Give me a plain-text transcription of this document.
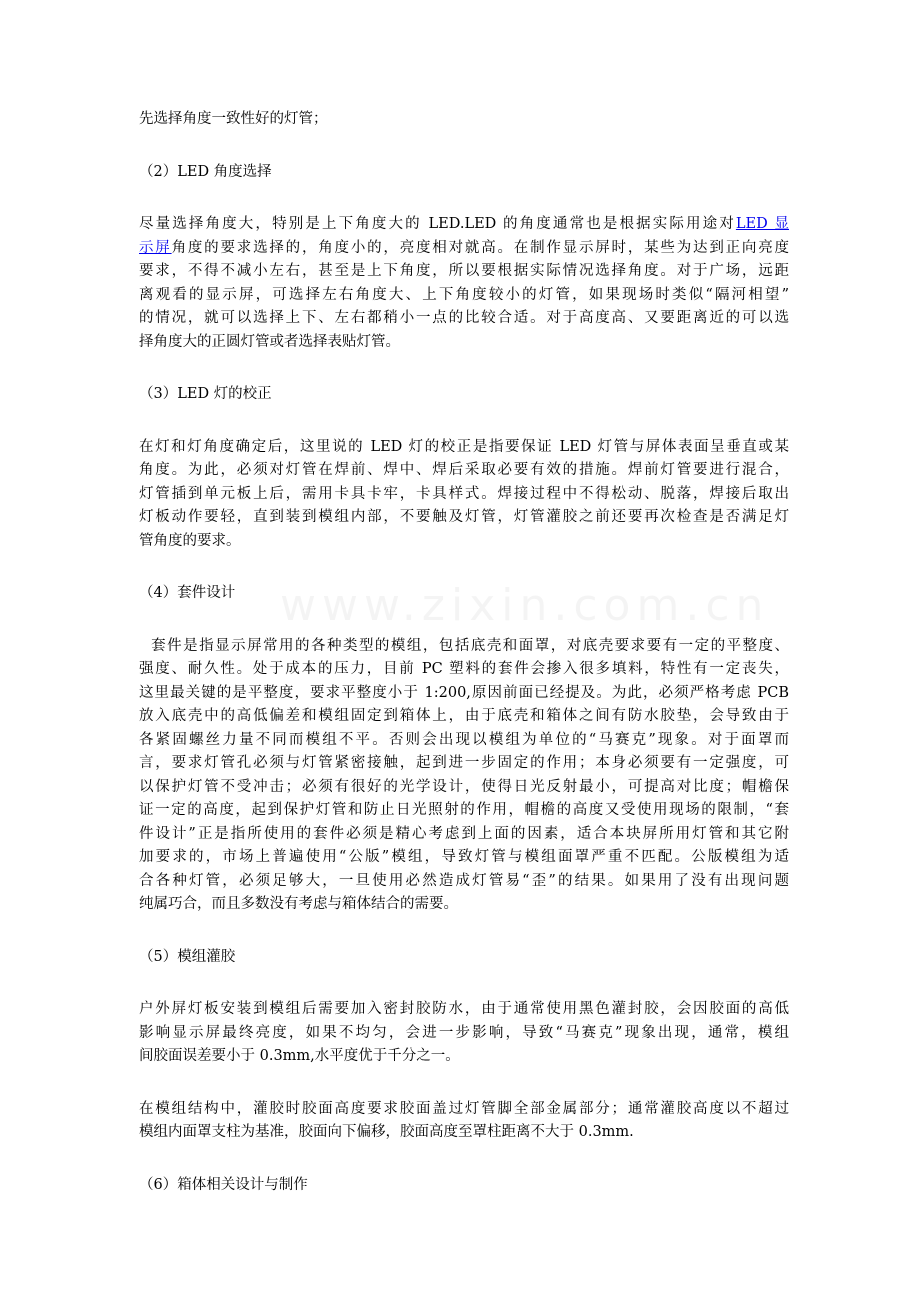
先选择角度一致性好的灯管；
（2）LED 角度选择
尽量选择角度大，特别是上下角度大的 LED.LED 的角度通常也是根据实际用途对LED 显
示屏角度的要求选择的，角度小的，亮度相对就高。在制作显示屏时，某些为达到正向亮度
要求，不得不减小左右，甚至是上下角度，所以要根据实际情况选择角度。对于广场，远距
离观看的显示屏，可选择左右角度大、上下角度较小的灯管，如果现场时类似“隔河相望”
的情况，就可以选择上下、左右都稍小一点的比较合适。对于高度高、又要距离近的可以选
择角度大的正圆灯管或者选择表贴灯管。
（3）LED 灯的校正
在灯和灯角度确定后，这里说的 LED 灯的校正是指要保证 LED 灯管与屏体表面呈垂直或某
角度。为此，必须对灯管在焊前、焊中、焊后采取必要有效的措施。焊前灯管要进行混合，
灯管插到单元板上后，需用卡具卡牢，卡具样式。焊接过程中不得松动、脱落，焊接后取出
灯板动作要轻，直到装到模组内部，不要触及灯管，灯管灌胶之前还要再次检查是否满足灯
管角度的要求。
（4）套件设计
套件是指显示屏常用的各种类型的模组，包括底壳和面罩，对底壳要求要有一定的平整度、
强度、耐久性。处于成本的压力，目前 PC 塑料的套件会掺入很多填料，特性有一定丧失，
这里最关键的是平整度，要求平整度小于 1:200,原因前面已经提及。为此，必须严格考虑 PCB
放入底壳中的高低偏差和模组固定到箱体上，由于底壳和箱体之间有防水胶垫，会导致由于
各紧固螺丝力量不同而模组不平。否则会出现以模组为单位的“马赛克”现象。对于面罩而
言，要求灯管孔必须与灯管紧密接触，起到进一步固定的作用；本身必须要有一定强度，可
以保护灯管不受冲击；必须有很好的光学设计，使得日光反射最小，可提高对比度；帽檐保
证一定的高度，起到保护灯管和防止日光照射的作用，帽檐的高度又受使用现场的限制，“套
件设计”正是指所使用的套件必须是精心考虑到上面的因素，适合本块屏所用灯管和其它附
加要求的，市场上普遍使用“公版”模组，导致灯管与模组面罩严重不匹配。公版模组为适
合各种灯管，必须足够大，一旦使用必然造成灯管易“歪”的结果。如果用了没有出现问题
纯属巧合，而且多数没有考虑与箱体结合的需要。
（5）模组灌胶
户外屏灯板安装到模组后需要加入密封胶防水，由于通常使用黑色灌封胶，会因胶面的高低
影响显示屏最终亮度，如果不均匀，会进一步影响，导致“马赛克”现象出现，通常，模组
间胶面误差要小于 0.3mm,水平度优于千分之一。
在模组结构中，灌胶时胶面高度要求胶面盖过灯管脚全部金属部分；通常灌胶高度以不超过
模组内面罩支柱为基准，胶面向下偏移，胶面高度至罩柱距离不大于 0.3mm.
（6）箱体相关设计与制作
